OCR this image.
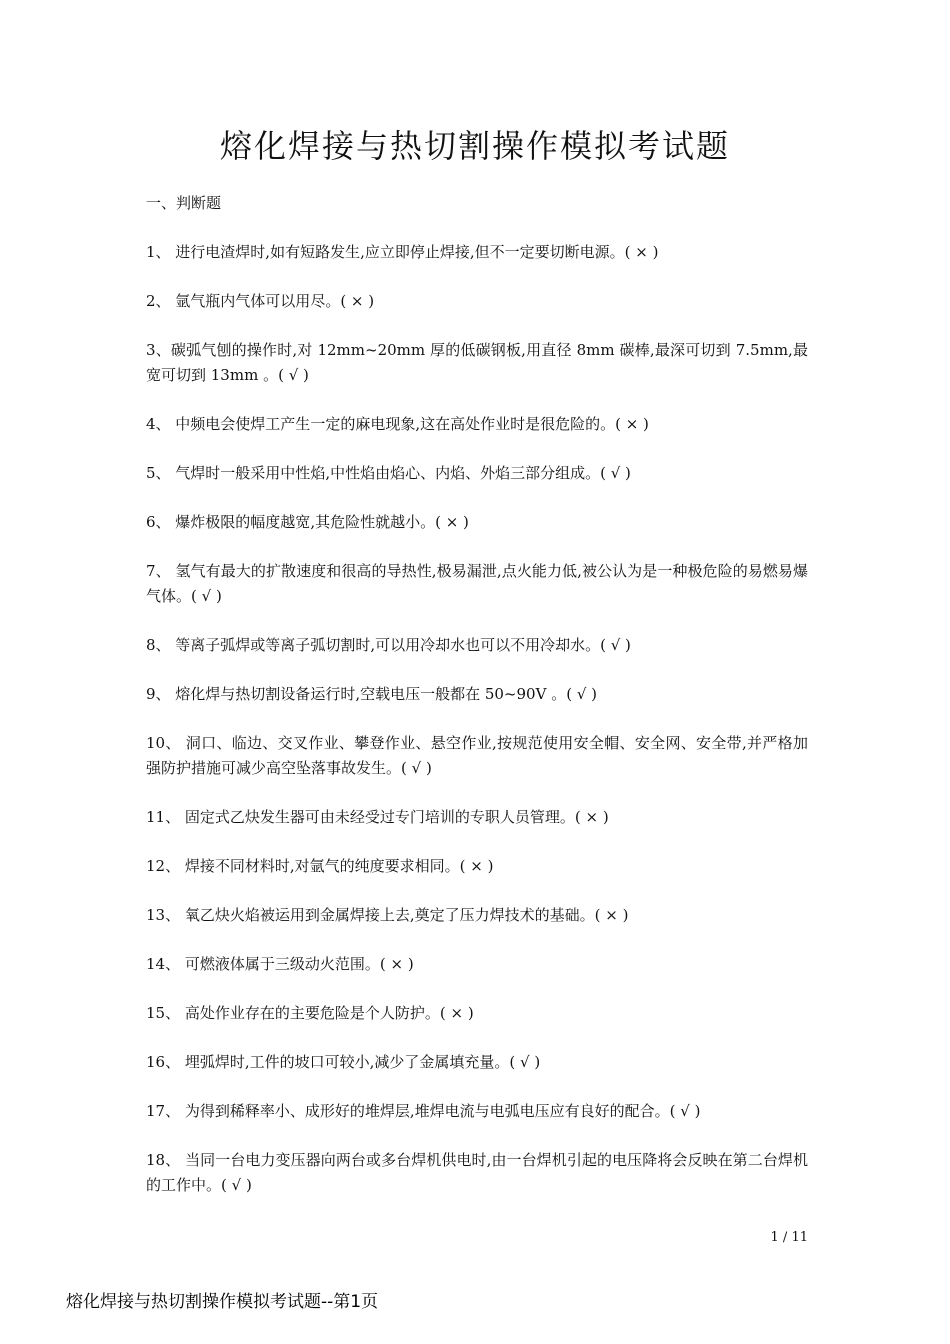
熔化焊接与热切割操作模拟考试题
一、判断题
1、 进行电渣焊时,如有短路发生,应立即停止焊接,但不一定要切断电源。( × )
2、 氩气瓶内气体可以用尽。( × )
3、碳弧气刨的操作时,对 12mm~20mm 厚的低碳钢板,用直径 8mm 碳棒,最深可切到 7.5mm,最宽可切到 13mm 。( √ )
4、 中频电会使焊工产生一定的麻电现象,这在高处作业时是很危险的。( × )
5、 气焊时一般采用中性焰,中性焰由焰心、内焰、外焰三部分组成。( √ )
6、 爆炸极限的幅度越宽,其危险性就越小。( × )
7、 氢气有最大的扩散速度和很高的导热性,极易漏泄,点火能力低,被公认为是一种极危险的易燃易爆气体。( √ )
8、 等离子弧焊或等离子弧切割时,可以用冷却水也可以不用冷却水。( √ )
9、 熔化焊与热切割设备运行时,空载电压一般都在 50~90V 。( √ )
10、 洞口、临边、交叉作业、攀登作业、悬空作业,按规范使用安全帽、安全网、安全带,并严格加强防护措施可减少高空坠落事故发生。( √ )
11、 固定式乙炔发生器可由未经受过专门培训的专职人员管理。( × )
12、 焊接不同材料时,对氩气的纯度要求相同。( × )
13、 氧乙炔火焰被运用到金属焊接上去,奠定了压力焊技术的基础。( × )
14、 可燃液体属于三级动火范围。( × )
15、 高处作业存在的主要危险是个人防护。( × )
16、 埋弧焊时,工件的坡口可较小,减少了金属填充量。( √ )
17、 为得到稀释率小、成形好的堆焊层,堆焊电流与电弧电压应有良好的配合。( √ )
18、 当同一台电力变压器向两台或多台焊机供电时,由一台焊机引起的电压降将会反映在第二台焊机的工作中。( √ )
1 / 11
熔化焊接与热切割操作模拟考试题--第1页
